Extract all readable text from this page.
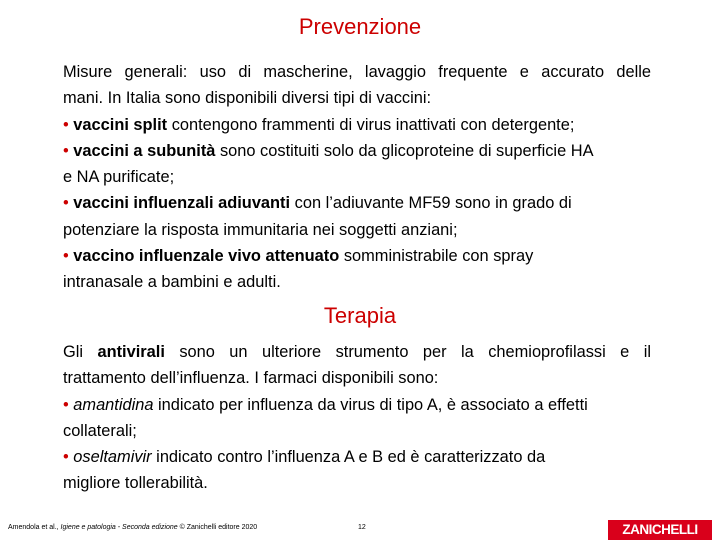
Prevenzione
Misure generali: uso di mascherine, lavaggio frequente e accurato delle
mani. In Italia sono disponibili diversi tipi di vaccini:
• vaccini split contengono frammenti di virus inattivati con detergente;
• vaccini a subunità sono costituiti solo da glicoproteine di superficie HA
e NA purificate;
• vaccini influenzali adiuvanti con l’adiuvante MF59 sono in grado di
potenziare la risposta immunitaria nei soggetti anziani;
• vaccino influenzale vivo attenuato somministrabile con spray
intranasale a bambini e adulti.
Terapia
Gli antivirali sono un ulteriore strumento per la chemioprofilassi e il
trattamento dell’influenza. I farmaci disponibili sono:
• amantidina indicato per influenza da virus di tipo A, è associato a effetti
collaterali;
• oseltamivir indicato contro l’influenza A e B ed è caratterizzato da
migliore tollerabilità.
Amendola et al., Igiene e patologia - Seconda edizione © Zanichelli editore 2020	12	ZANICHELLI
